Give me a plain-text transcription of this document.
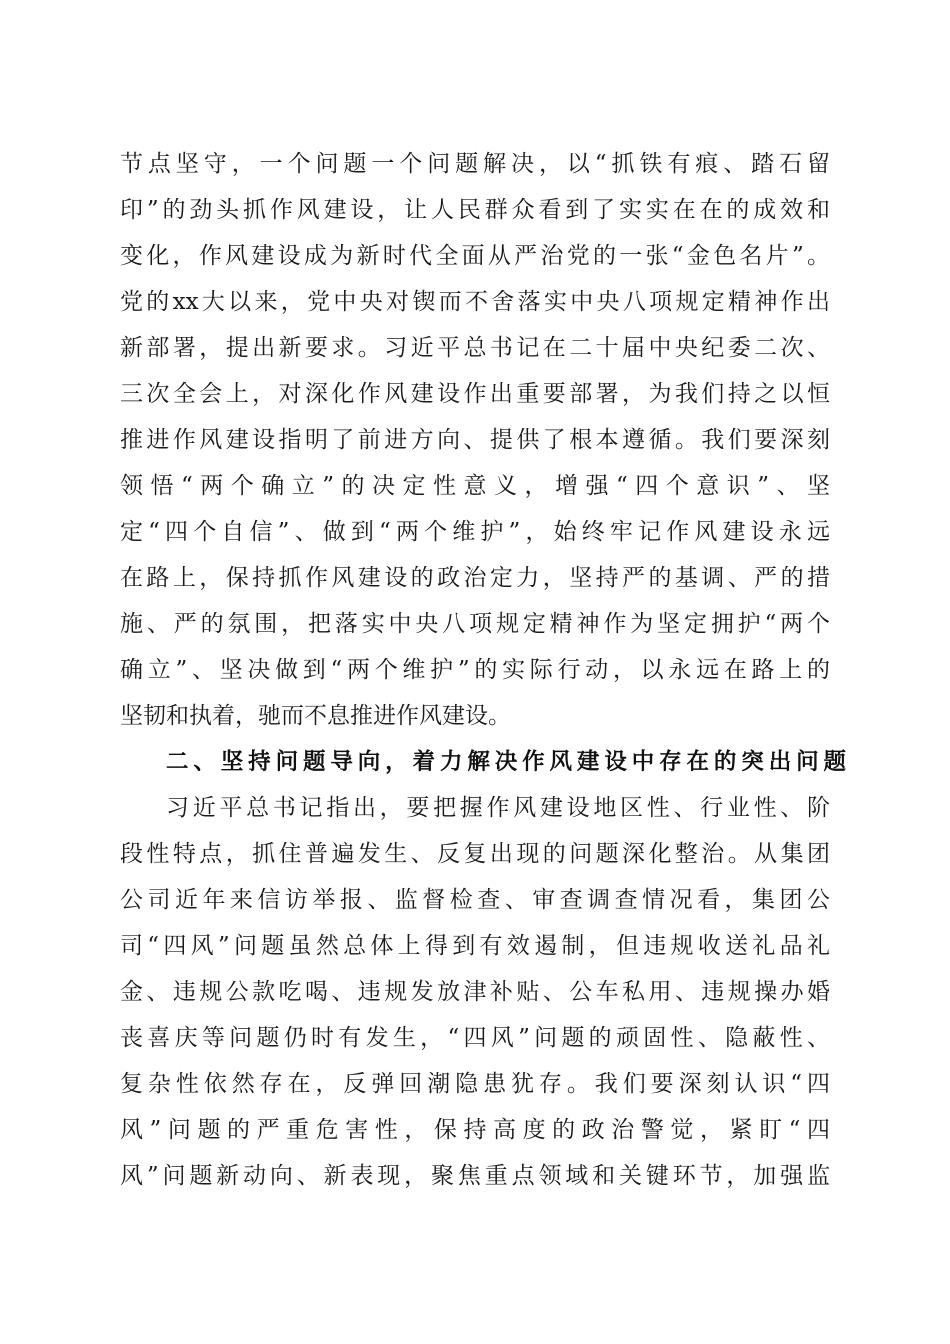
节点坚守，一个问题一个问题解决，以“抓铁有痕、踏石留
印”的劲头抓作风建设，让人民群众看到了实实在在的成效和
变化，作风建设成为新时代全面从严治党的一张“金色名片”。
党的xx大以来，党中央对锲而不舍落实中央八项规定精神作出
新部署，提出新要求。习近平总书记在二十届中央纪委二次、
三次全会上，对深化作风建设作出重要部署，为我们持之以恒
推进作风建设指明了前进方向、提供了根本遵循。我们要深刻
领悟“两个确立”的决定性意义，增强“四个意识”、坚
定“四个自信”、做到“两个维护”，始终牢记作风建设永远
在路上，保持抓作风建设的政治定力，坚持严的基调、严的措
施、严的氛围，把落实中央八项规定精神作为坚定拥护“两个
确立”、坚决做到“两个维护”的实际行动，以永远在路上的
坚韧和执着，驰而不息推进作风建设。
二、坚持问题导向，着力解决作风建设中存在的突出问题
习近平总书记指出，要把握作风建设地区性、行业性、阶
段性特点，抓住普遍发生、反复出现的问题深化整治。从集团
公司近年来信访举报、监督检查、审查调查情况看，集团公
司“四风”问题虽然总体上得到有效遏制，但违规收送礼品礼
金、违规公款吃喝、违规发放津补贴、公车私用、违规操办婚
丧喜庆等问题仍时有发生，“四风”问题的顽固性、隐蔽性、
复杂性依然存在，反弹回潮隐患犹存。我们要深刻认识“四
风”问题的严重危害性，保持高度的政治警觉，紧盯“四
风”问题新动向、新表现，聚焦重点领域和关键环节，加强监
